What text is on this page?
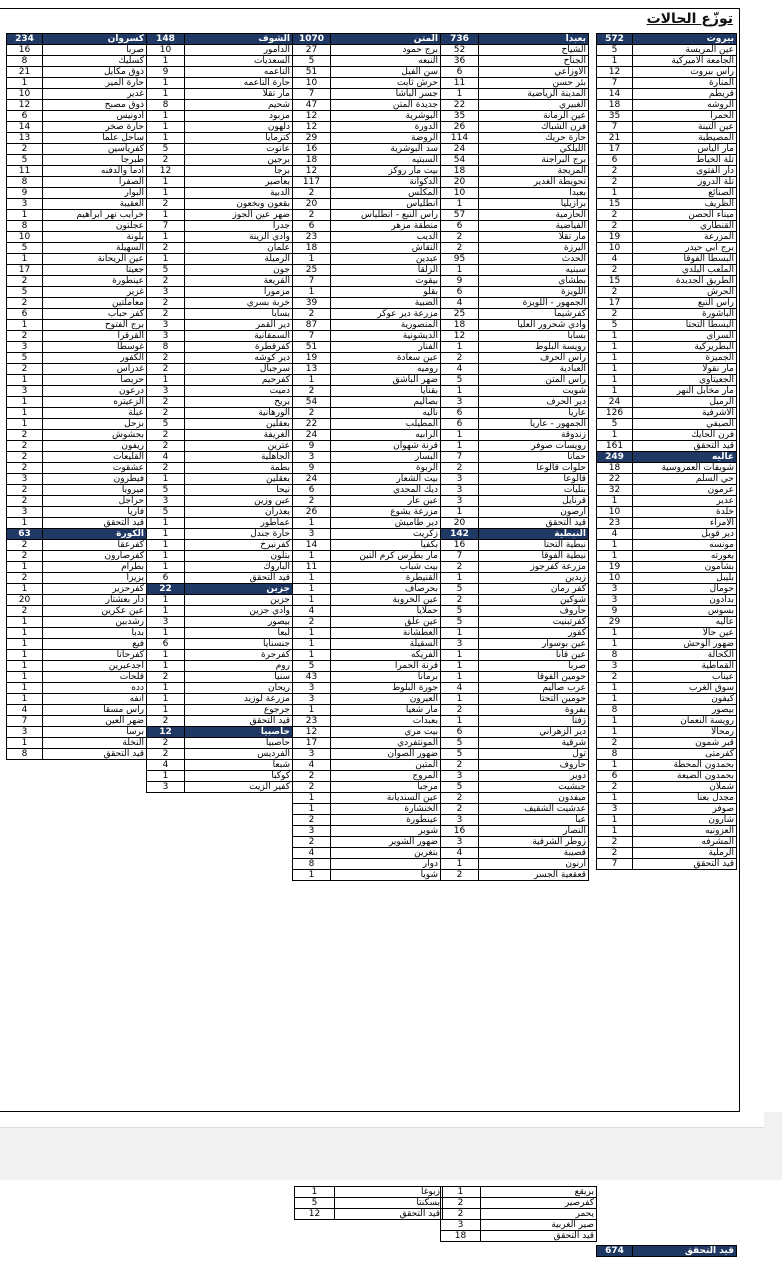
توزّع الحالات
572	بيروت
5	عين المريسة
1	الجامعة الاميركية
12	راس بيروت
7	المنارة
14	قريطم
18	الروشه
35	الحمرا
7	عين التينة
21	المصيطبة
17	مار الياس
6	تلة الخياط
2	دار الفتوى
2	تلة الدروز
1	الصنائع
15	الظريف
2	ميناء الحصن
2	القنطاري
19	المزرعة
10	برج أبي حيدر
4	البسطا الفوقا
2	الملعب البلدي
15	الطريق الجديدة
2	الحرش
17	رأس النبع
2	الباشورة
5	البسطا التحتا
1	السراي
1	البطريركية
1	الجميزة
1	مار نقولا
1	الجعيتاوي
1	مار مخايل النهر
24	الرميل
126	الأشرفية
5	الصيفي
1	فرن الحايك
161	قيد التحقق
249	عاليه
18	شويفات العمروسية
22	حي السلم
32	عرمون
1	عدير
10	خلدة
23	الامراء
4	دير قوبل
1	مونسه
1	بعورته
19	بشامون
10	بليبل
3	حومال
3	بدادون
9	بسوس
29	عاليه
1	عين حالا
1	ضهور الوحش
8	الكحالة
3	القماطية
2	عيناب
1	سوق الغرب
1	كيفون
8	بيصور
1	رويسة النعمان
1	رمحالا
2	قبر شمون
8	كفرمتى
1	بحمدون المحطة
6	بحمدون الضيعة
2	شملان
1	مجدل بعنا
3	صوفر
1	شارون
1	العزونيه
2	المشرفه
2	الرملية
7	قيد التحقق
736	بعبدا
52	الشياح
36	الجناح
6	الأوزاعي
11	بئر حسن
1	المدينة الرياضية
22	الغبيري
35	عين الرمانة
26	فرن الشباك
114	حارة حريك
24	الليلكي
54	برج البراجنة
18	المريجة
20	تحويطة الغدير
10	بعبدا
1	برازيليا
57	الحازمية
6	الفياضية
2	مار تقلا
2	اليرزة
95	الحدث
1	سبنيه
9	بطشاي
6	اللويزة
4	الجمهور - اللويزة
25	كفرشيما
18	وادي شحرور العليا
12	بسابا
1	رويسة البلوط
2	راس الحرف
4	العبادية
5	راس المتن
1	شويت
3	دير الحرف
6	عاريا
6	الجمهور - عاريا
1	زندوقة
1	رويسات صوفر
7	حمانا
2	حلوات قالوعا
3	قالوعا
3	بتليات
3	قرنايل
1	ارصون
20	قيد التحقق
142	النبطية
16	نبطية التحتا
7	نبطية الفوقا
2	مزرعة كفرجوز
1	زبدين
5	كفر رمان
2	شوكين
5	حاروف
5	كفرتبنيت
1	كفور
3	عين بوسوار
1	عين قانا
1	صربا
1	حومين الفوقا
4	عرب صاليم
1	حومين التحتا
2	بفروة
1	زفتا
6	دير الزهراني
5	شرقية
5	تول
2	حاروف
3	دوير
5	جبشيت
2	ميفدون
2	عدشيت الشقيف
3	عبا
16	النصار
3	زوطر الشرقية
4	قصيبة
1	أرنون
2	قعقعية الجسر
1070	المتن
27	برج حمود
5	النبعه
51	سن الفيل
10	حرش ثابت
7	جسر الباشا
47	جديدة المتن
12	البوشرية
12	الدورة
29	الروضة
16	سد البوشرية
18	السبتيه
12	بيت مار روكز
117	الدكوانة
2	المكلس
20	انطلياس
2	راس النبع - أنطلياس
6	منطقة مزهر
23	الديب
18	النقاش
1	عبدين
25	الزلقا
7	بيقوت
1	بقلو
39	الضبية
2	مزرعة دير عوكر
87	المنصورية
7	الديشونية
51	الفنار
19	عين سعادة
13	روميه
1	ضهر الباشق
2	بقنايا
54	بصاليم
2	ناليه
22	المطيلب
24	الرابيه
9	قرنة شهوان
3	البسار
9	الربوة
24	بيت الشعار
6	ديك المحدي
2	عين عار
26	مزرعة يشوع
1	دير طاميش
3	زكريت
14	بكفيا
1	مار بطرس كرم التين
11	بيت شباب
1	القنيطرة
1	بحرصاف
1	عين الخروبة
4	حملايا
2	عين علق
1	العطشانة
1	السقيلة
1	الفريكه
5	قرنة الحمرا
43	برمانا
3	جورة البلوط
3	العيرون
1	مار شعيا
23	بعبدات
12	بيت مري
17	المونتفردي
3	ضهور الصوان
4	المتين
2	المروج
2	مرجبا
1	عين السنديانة
1	الخنشارة
2	عينطورة
3	شوير
2	ضهور الشوير
4	بتغرين
8	دوار
1	شويا
148	الشوف
10	الدامور
1	السعديات
9	الناعمه
1	حارة الناعمه
1	مار تقلا
8	شحيم
1	مزبود
1	دلهون
1	كترمايا
5	عانوت
2	برجين
12	برجا
1	بعاصير
1	الدبية
2	بقعون وبخعون
1	ضهر عين الجوز
7	جدرا
1	وادي الزينة
2	علمان
1	الرميلة
5	جون
2	القريعة
3	مزمورا
2	خربة بسري
2	بسابا
3	دير القمر
3	السمقانية
8	كفرقطرة
2	دير كوشه
2	سرجبال
1	كفرحيم
3	دميت
2	بريح
2	الورهانية
5	بعقلين
2	الغريفة
2	عترين
4	الجاهلية
2	بطمة
1	بعقلين
5	نيحا
3	عين وزين
5	بعذران
1	عماطور
1	حارة جندل
1	كفرنبرخ
1	بتلون
1	الباروك
6	قيد التحقق
22	جزين
1	جزين
1	وادي جزين
3	بيصور
1	لبعا
6	جنسنايا
1	كفرجرة
1	روم
2	سنيا
1	ريحان
1	مزرعة لوزيد
1	جرجوع
2	قيد التحقق
12	حاصبيا
2	حاصبيا
2	الفرديس
4	شبعا
1	كوكبا
3	كفير الزيت
234	كسروان
16	صربا
8	كسليك
21	ذوق مكايل
1	حارة المير
10	غدير
12	ذوق مصبح
6	أدونيس
14	حارة صخر
13	ساحل علما
2	كفرياسين
5	طبرجا
11	أدما والدفنه
8	الصفرا
9	البوار
3	العقيبة
1	خرايب نهر ابراهيم
8	عجلتون
10	بلونة
5	السهيلة
1	عين الريحانة
17	جعيتا
2	عينطورة
5	غزير
2	معاملتين
6	كفر حباب
1	برج الفتوح
2	القرقرا
3	غوسطا
5	الكفور
2	غدراس
1	حريصا
3	درعون
1	الزعيتره
1	عبلة
1	بزحل
2	بحشوش
2	ريفون
2	القليعات
2	عشقوت
3	فيطرون
2	ميروبا
2	حراجل
3	فاريا
1	قيد التحقق
63	الكورة
2	كفرعقا
2	كفرصارون
1	بطرام
2	بزيزا
1	كفرحزير
20	دار بعشتار
2	عين عكرين
1	رشدبين
1	بدبا
1	فيع
1	كفرحاتا
1	اجدعبرين
1	قلحات
1	دده
1	انفه
4	راس مسقا
7	ضهر العين
3	برسا
1	النخلة
8	قيد التحقق
1	زبوغا
5	بسكنتا
12	قيد التحقق
1	بريقع
2	كفرصير
2	يحمر
3	صير الغربية
18	قيد التحقق
674	قيد التحقق
